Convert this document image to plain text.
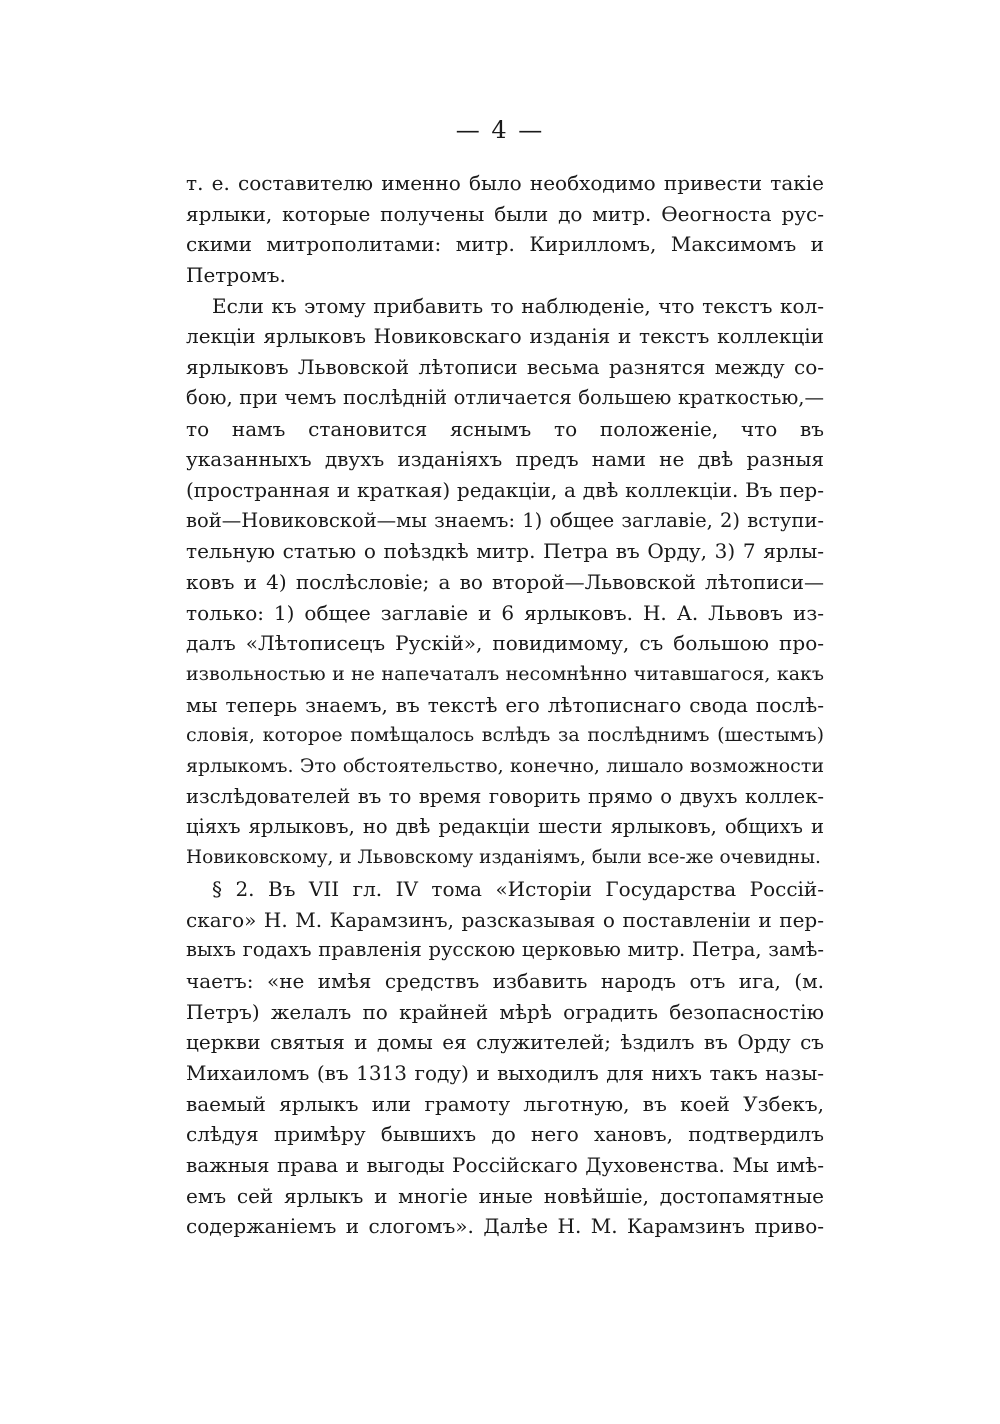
— 4 —
т. е. составителю именно было необходимо привести такіе
ярлыки, которые получены были до митр. Ѳеогноста рус-
скими митрополитами: митр. Кирилломъ, Максимомъ и
Петромъ.
Если къ этому прибавить то наблюденіе, что текстъ кол-
лекціи ярлыковъ Новиковскаго изданія и текстъ коллекціи
ярлыковъ Львовской лѣтописи весьма разнятся между со-
бою, при чемъ послѣдній отличается большею краткостью,—
то намъ становится яснымъ то положеніе, что въ
указанныхъ двухъ изданіяхъ предъ нами не двѣ разныя
(пространная и краткая) редакціи, а двѣ коллекціи. Въ пер-
вой—Новиковской—мы знаемъ: 1) общее заглавіе, 2) вступи-
тельную статью о поѣздкѣ митр. Петра въ Орду, 3) 7 ярлы-
ковъ и 4) послѣсловіе; а во второй—Львовской лѣтописи—
только: 1) общее заглавіе и 6 ярлыковъ. Н. А. Львовъ из-
далъ «Лѣтописецъ Рускій», повидимому, съ большою про-
извольностью и не напечаталъ несомнѣнно читавшагося, какъ
мы теперь знаемъ, въ текстѣ его лѣтописнаго свода послѣ-
словія, которое помѣщалось вслѣдъ за послѣднимъ (шестымъ)
ярлыкомъ. Это обстоятельство, конечно, лишало возможности
изслѣдователей въ то время говорить прямо о двухъ коллек-
ціяхъ ярлыковъ, но двѣ редакціи шести ярлыковъ, общихъ и
Новиковскому, и Львовскому изданіямъ, были все-же очевидны.
§ 2. Въ VII гл. IV тома «Исторіи Государства Россій-
скаго» Н. М. Карамзинъ, разсказывая о поставленіи и пер-
выхъ годахъ правленія русскою церковью митр. Петра, замѣ-
чаетъ: «не имѣя средствъ избавить народъ отъ ига, (м.
Петръ) желалъ по крайней мѣрѣ оградить безопасностію
церкви святыя и домы ея служителей; ѣздилъ въ Орду съ
Михаиломъ (въ 1313 году) и выходилъ для нихъ такъ назы-
ваемый ярлыкъ или грамоту льготную, въ коей Узбекъ,
слѣдуя примѣру бывшихъ до него хановъ, подтвердилъ
важныя права и выгоды Россійскаго Духовенства. Мы имѣ-
емъ сей ярлыкъ и многіе иные новѣйшіе, достопамятные
содержаніемъ и слогомъ». Далѣе Н. М. Карамзинъ приво-
